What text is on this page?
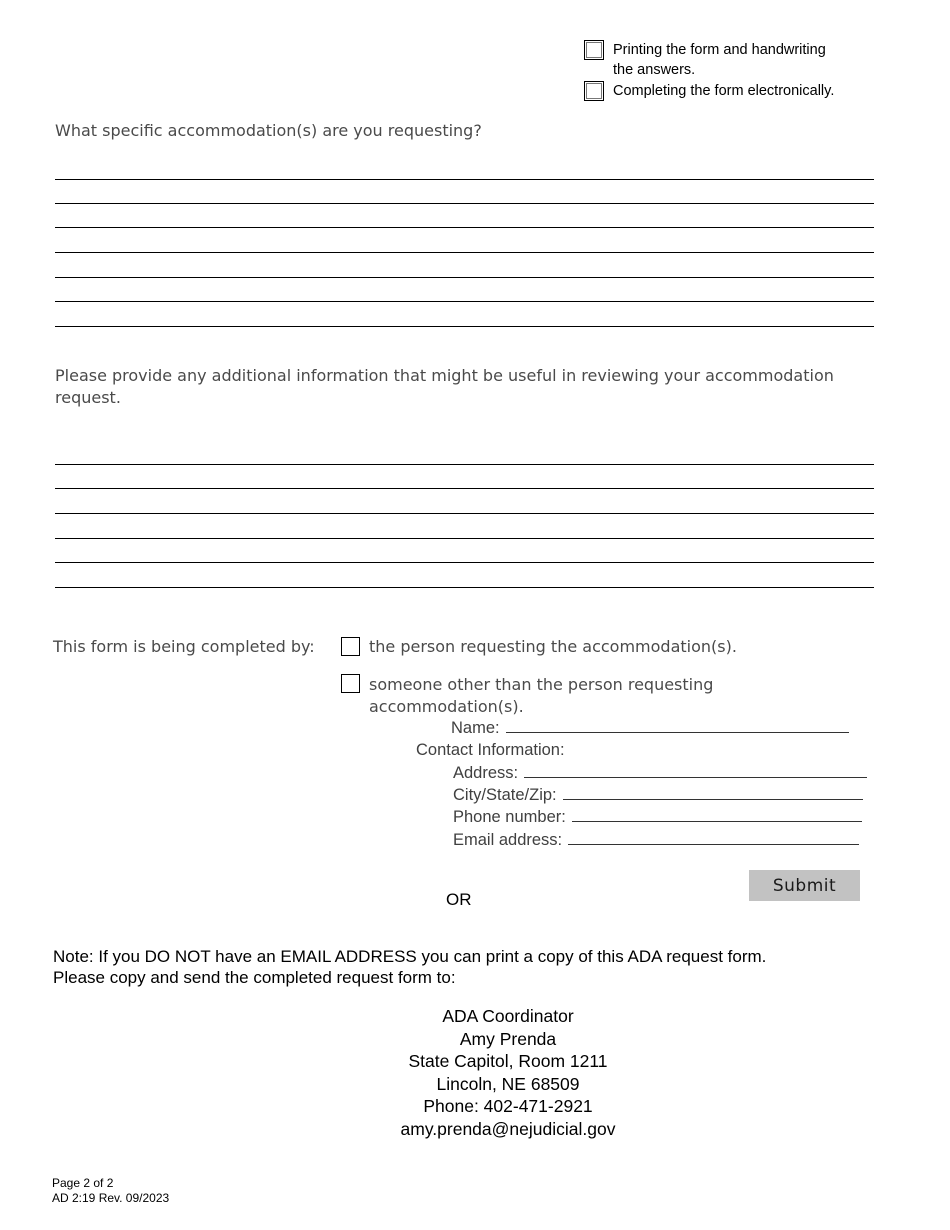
Printing the form and handwriting
the answers.
Completing the form electronically.
What specific accommodation(s) are you requesting?
Please provide any additional information that might be useful in reviewing your accommodation
request.
This form is being completed by:	the person requesting the accommodation(s).
someone other than the person requesting
accommodation(s).
Name:
Contact Information:
Address:
City/State/Zip:
Phone number:
Email address:
Submit
OR
Note: If you DO NOT have an EMAIL ADDRESS you can print a copy of this ADA request form.
Please copy and send the completed request form to:
ADA Coordinator
Amy Prenda
State Capitol, Room 1211
Lincoln, NE 68509
Phone: 402-471-2921
amy.prenda@nejudicial.gov
Page 2 of 2
AD 2:19 Rev. 09/2023
